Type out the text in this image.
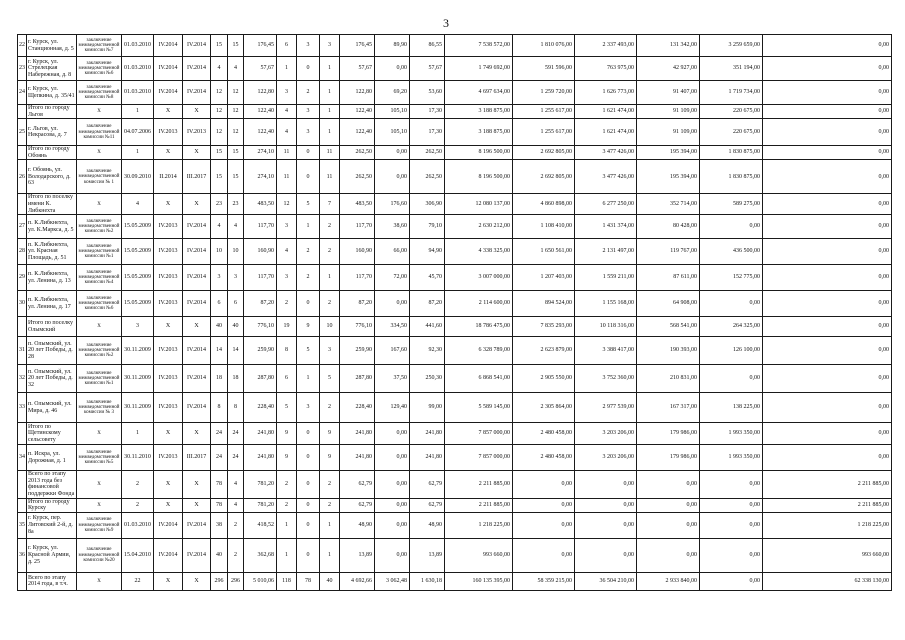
3
22	г. Курск, ул. Станционная, д. 5	заключение межведомственной комиссии №7	01.03.2010	IV.2014	IV.2014	15	15	176,45	6	3	3	176,45	89,90	86,55	7 538 572,00	1 810 076,00	2 337 493,00	131 342,00	3 259 659,00	0,00
23	г. Курск, ул. Стрелецкая Набережная, д. 8	заключение межведомственной комиссии №6	01.03.2010	IV.2014	IV.2014	4	4	57,67	1	0	1	57,67	0,00	57,67	1 749 692,00	591 596,00	763 975,00	42 927,00	351 194,00	0,00
24	г. Курск, ул. Щепкина, д. 35/41	заключение межведомственной комиссии №8	01.03.2010	IV.2014	IV.2014	12	12	122,80	3	2	1	122,80	69,20	53,60	4 697 634,00	1 259 720,00	1 626 773,00	91 407,00	1 719 734,00	0,00
	Итого по городу Льгов	X	1	X	X	12	12	122,40	4	3	1	122,40	105,10	17,30	3 188 875,00	1 255 617,00	1 621 474,00	91 109,00	220 675,00	0,00
25	г. Льгов, ул. Некрасова, д. 7	заключение межведомственной комиссии №11	04.07.2006	IV.2013	IV.2013	12	12	122,40	4	3	1	122,40	105,10	17,30	3 188 875,00	1 255 617,00	1 621 474,00	91 109,00	220 675,00	0,00
	Итого по городу Обоянь	X	1	X	X	15	15	274,10	11	0	11	262,50	0,00	262,50	8 196 500,00	2 692 805,00	3 477 426,00	195 394,00	1 830 875,00	0,00
26	г. Обоянь, ул. Володарского, д. 63	заключение межведомственной комиссии № 1	30.09.2010	II.2014	III.2017	15	15	274,10	11	0	11	262,50	0,00	262,50	8 196 500,00	2 692 805,00	3 477 426,00	195 394,00	1 830 875,00	0,00
	Итого по поселку имени К. Либкнехта	X	4	X	X	23	23	483,50	12	5	7	483,50	176,60	306,90	12 080 137,00	4 860 898,00	6 277 250,00	352 714,00	589 275,00	0,00
27	п. К.Либкнехта, ул. К.Маркса, д. 5	заключение межведомственной комиссии №2	15.05.2009	IV.2013	IV.2014	4	4	117,70	3	1	2	117,70	38,60	79,10	2 630 212,00	1 108 410,00	1 431 374,00	80 428,00	0,00	0,00
28	п. К.Либкнехта, ул. Красная Площадь, д. 51	заключение межведомственной комиссии №1	15.05.2009	IV.2013	IV.2014	10	10	160,90	4	2	2	160,90	66,00	94,90	4 338 325,00	1 650 561,00	2 131 497,00	119 767,00	436 500,00	0,00
29	п. К.Либкнехта, ул. Ленина, д. 13	заключение межведомственной комиссии №4	15.05.2009	IV.2013	IV.2014	3	3	117,70	3	2	1	117,70	72,00	45,70	3 007 000,00	1 207 403,00	1 559 211,00	87 611,00	152 775,00	0,00
30	п. К.Либкнехта, ул. Ленина, д. 17	заключение межведомственной комиссии №6	15.05.2009	IV.2013	IV.2014	6	6	87,20	2	0	2	87,20	0,00	87,20	2 114 600,00	894 524,00	1 155 168,00	64 908,00	0,00	0,00
	Итого по поселку Олымский	X	3	X	X	40	40	776,10	19	9	10	776,10	334,50	441,60	18 786 475,00	7 835 293,00	10 118 316,00	568 541,00	264 325,00	0,00
31	п. Олымский, ул. 20 лет Победы, д. 28	заключение межведомственной комиссии №2	30.11.2009	IV.2013	IV.2014	14	14	259,90	8	5	3	259,90	167,60	92,30	6 328 789,00	2 623 879,00	3 388 417,00	190 393,00	126 100,00	0,00
32	п. Олымский, ул. 20 лет Победы, д. 32	заключение межведомственной комиссии №1	30.11.2009	IV.2013	IV.2014	18	18	287,80	6	1	5	287,80	37,50	250,30	6 868 541,00	2 905 550,00	3 752 360,00	210 831,00	0,00	0,00
33	п. Олымский, ул. Мира, д. 46	заключение межведомственной комиссии № 3	30.11.2009	IV.2013	IV.2014	8	8	228,40	5	3	2	228,40	129,40	99,00	5 589 145,00	2 305 864,00	2 977 539,00	167 317,00	138 225,00	0,00
	Итого по Щетинскому сельсовету	X	1	X	X	24	24	241,80	9	0	9	241,80	0,00	241,80	7 857 000,00	2 480 458,00	3 203 206,00	179 986,00	1 993 350,00	0,00
34	п. Искра, ул. Дорожная, д. 1	заключение межведомственной комиссии №5	30.11.2010	IV.2013	III.2017	24	24	241,80	9	0	9	241,80	0,00	241,80	7 857 000,00	2 480 458,00	3 203 206,00	179 986,00	1 993 350,00	0,00
	Всего по этапу 2013 года без финансовой поддержки Фонда	X	2	X	X	78	4	781,20	2	0	2	62,79	0,00	62,79	2 211 885,00	0,00	0,00	0,00	0,00	2 211 885,00
	Итого по городу Курску	X	2	X	X	78	4	781,20	2	0	2	62,79	0,00	62,79	2 211 885,00	0,00	0,00	0,00	0,00	2 211 885,00
35	г. Курск, пер. Литовский 2-й, д. 8а	заключение межведомственной комиссии №9	01.03.2010	IV.2014	IV.2014	38	2	418,52	1	0	1	48,90	0,00	48,90	1 218 225,00	0,00	0,00	0,00	0,00	1 218 225,00
36	г. Курск, ул. Красной Армии, д. 25	заключение межведомственной комиссии №20	15.04.2010	IV.2014	IV.2014	40	2	362,68	1	0	1	13,89	0,00	13,89	993 660,00	0,00	0,00	0,00	0,00	993 660,00
	Всего по этапу 2014 года, в т.ч.	X	22	X	X	296	296	5 010,06	118	78	40	4 692,66	3 062,48	1 630,18	160 135 395,00	58 359 215,00	36 504 210,00	2 933 840,00	0,00	62 338 130,00
